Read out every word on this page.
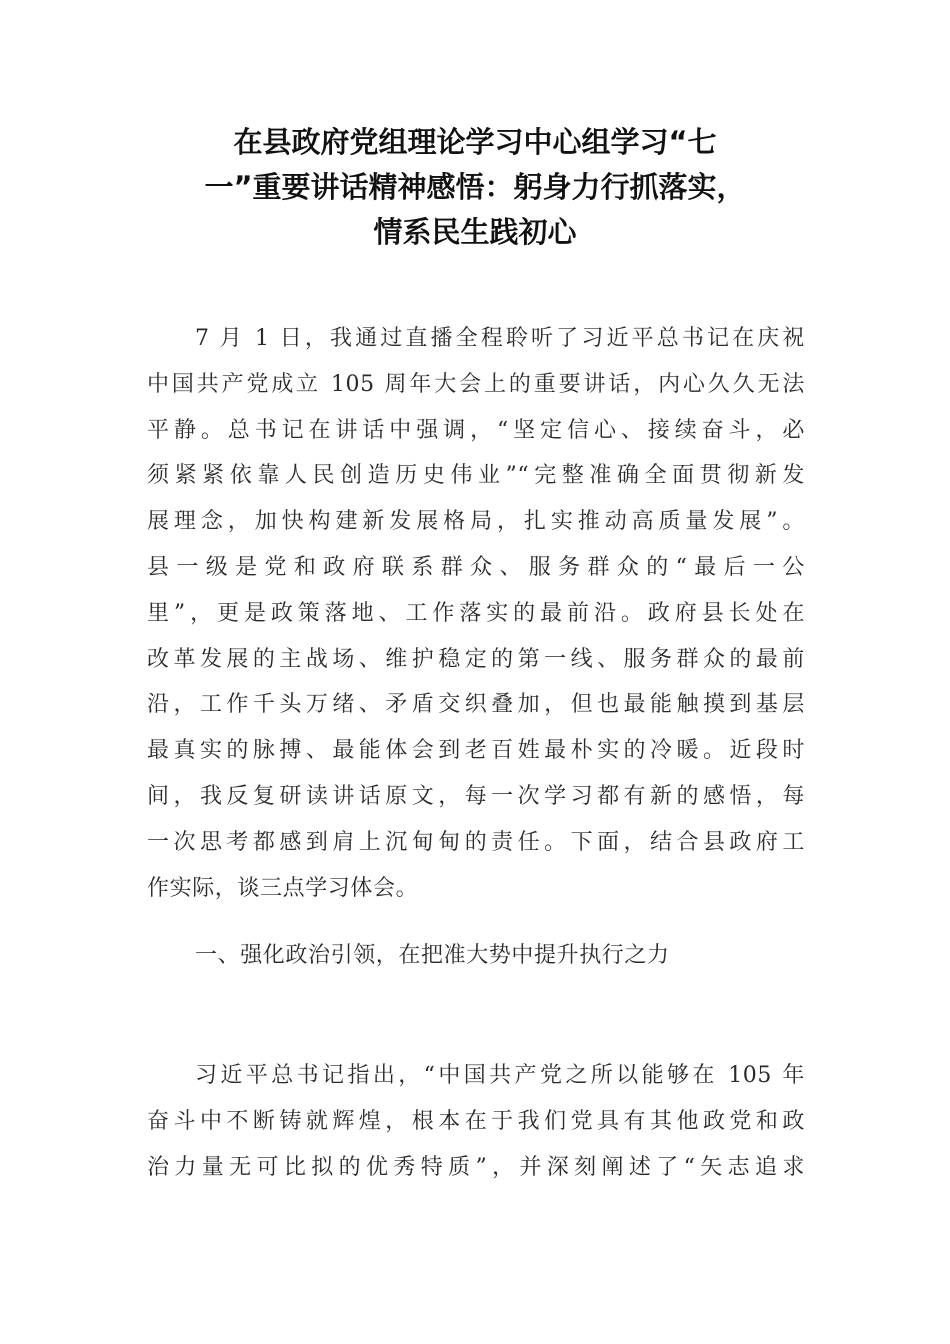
在县政府党组理论学习中心组学习“七
一”重要讲话精神感悟：躬身力行抓落实，
情系民生践初心
7 月 1 日，我通过直播全程聆听了习近平总书记在庆祝
中国共产党成立 105 周年大会上的重要讲话，内心久久无法
平静。总书记在讲话中强调，“坚定信心、接续奋斗，必
须紧紧依靠人民创造历史伟业”“完整准确全面贯彻新发
展理念，加快构建新发展格局，扎实推动高质量发展”。
县一级是党和政府联系群众、服务群众的“最后一公
里”，更是政策落地、工作落实的最前沿。政府县长处在
改革发展的主战场、维护稳定的第一线、服务群众的最前
沿，工作千头万绪、矛盾交织叠加，但也最能触摸到基层
最真实的脉搏、最能体会到老百姓最朴实的冷暖。近段时
间，我反复研读讲话原文，每一次学习都有新的感悟，每
一次思考都感到肩上沉甸甸的责任。下面，结合县政府工
作实际，谈三点学习体会。
一、强化政治引领，在把准大势中提升执行之力
习近平总书记指出，“中国共产党之所以能够在 105 年
奋斗中不断铸就辉煌，根本在于我们党具有其他政党和政
治力量无可比拟的优秀特质”，并深刻阐述了“矢志追求
